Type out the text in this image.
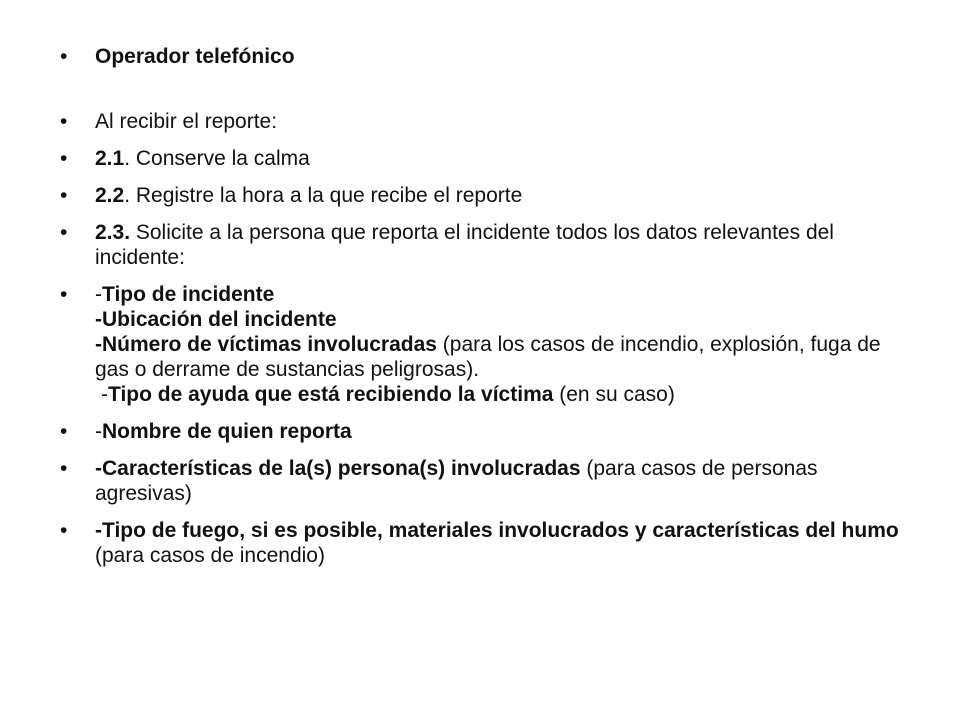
•	Operador telefónico
•	Al recibir el reporte:
•	2.1. Conserve la calma
•	2.2. Registre la hora a la que recibe el reporte
•	2.3. Solicite a la persona que reporta el incidente todos los datos relevantes del incidente:
•	-Tipo de incidente
-Ubicación del incidente
-Número de víctimas involucradas (para los casos de incendio, explosión, fuga de gas o derrame de sustancias peligrosas).
-Tipo de ayuda que está recibiendo la víctima (en su caso)
•	-Nombre de quien reporta
•	-Características de la(s) persona(s) involucradas (para casos de personas agresivas)
•	-Tipo de fuego, si es posible, materiales involucrados y características del humo (para casos de incendio)
